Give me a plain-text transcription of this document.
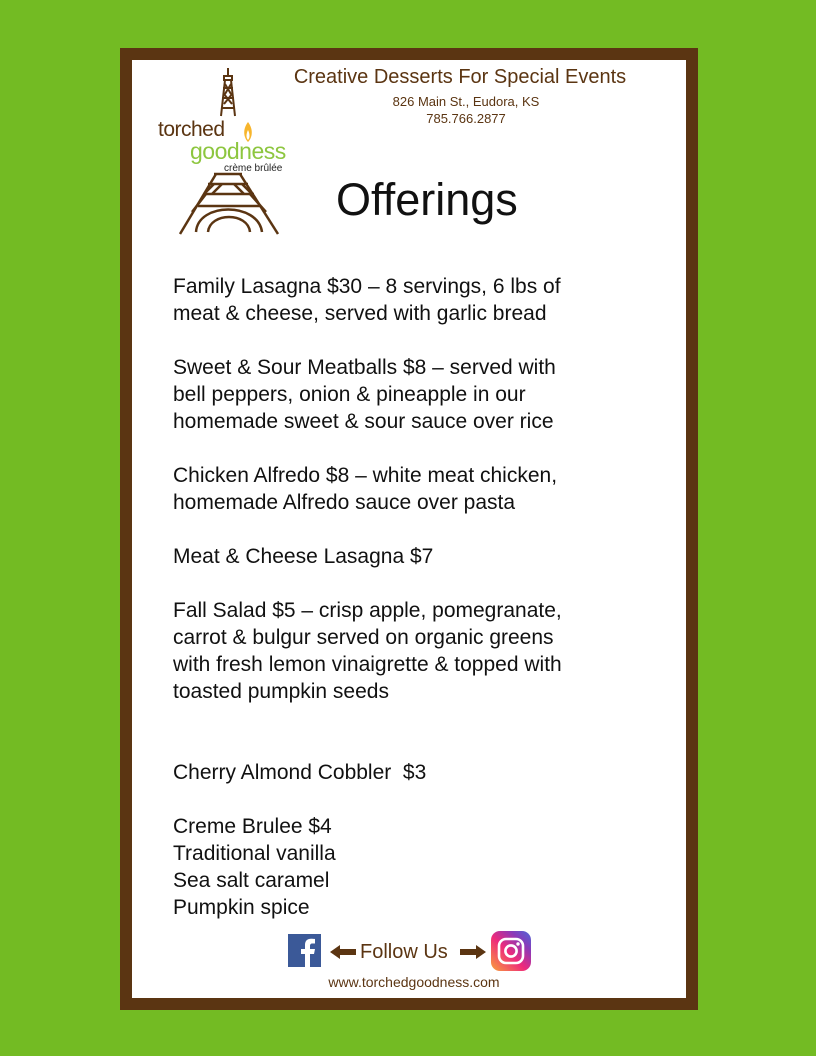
torched
goodness
crème brûlée
Creative Desserts For Special Events
826 Main St., Eudora, KS
785.766.2877
Offerings
Family Lasagna $30 – 8 servings, 6 lbs of
meat & cheese, served with garlic bread
Sweet & Sour Meatballs $8 – served with
bell peppers, onion & pineapple in our
homemade sweet & sour sauce over rice
Chicken Alfredo $8 – white meat chicken,
homemade Alfredo sauce over pasta
Meat & Cheese Lasagna $7
Fall Salad $5 – crisp apple, pomegranate,
carrot & bulgur served on organic greens
with fresh lemon vinaigrette & topped with
toasted pumpkin seeds
Cherry Almond Cobbler  $3
Creme Brulee $4
Traditional vanilla
Sea salt caramel
Pumpkin spice
Follow Us
www.torchedgoodness.com
